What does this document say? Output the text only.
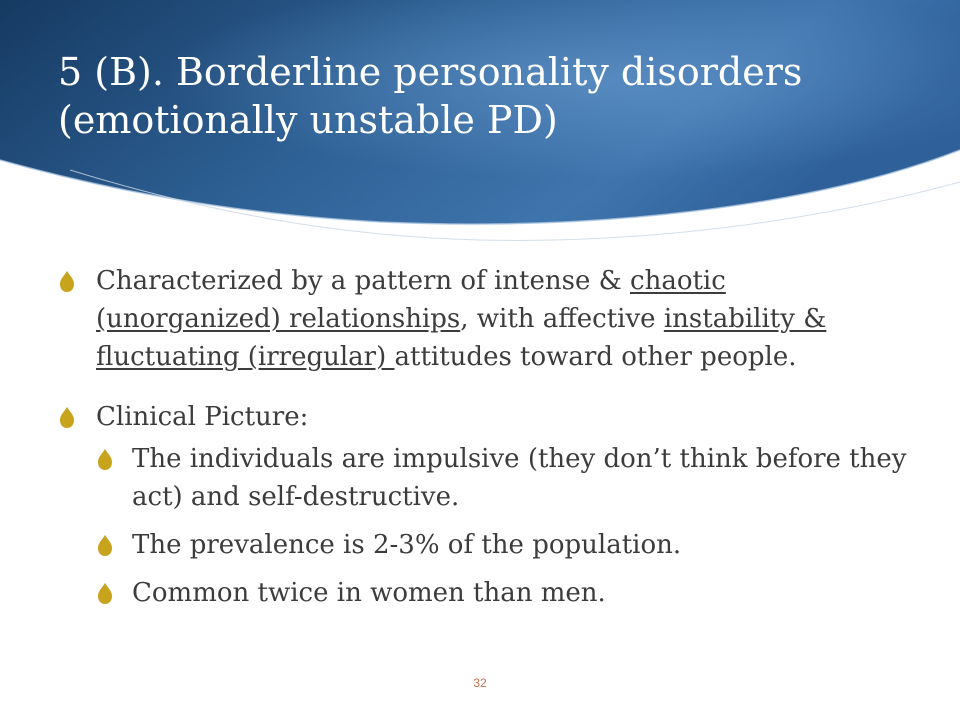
5 (B). Borderline personality disorders
(emotionally unstable PD)
Characterized by a pattern of intense & chaotic (unorganized) relationships, with affective instability & fluctuating (irregular) attitudes toward other people.
Clinical Picture:
The individuals are impulsive (they don’t think before they act) and self-destructive.
The prevalence is 2-3% of the population.
Common twice in women than men.
32
